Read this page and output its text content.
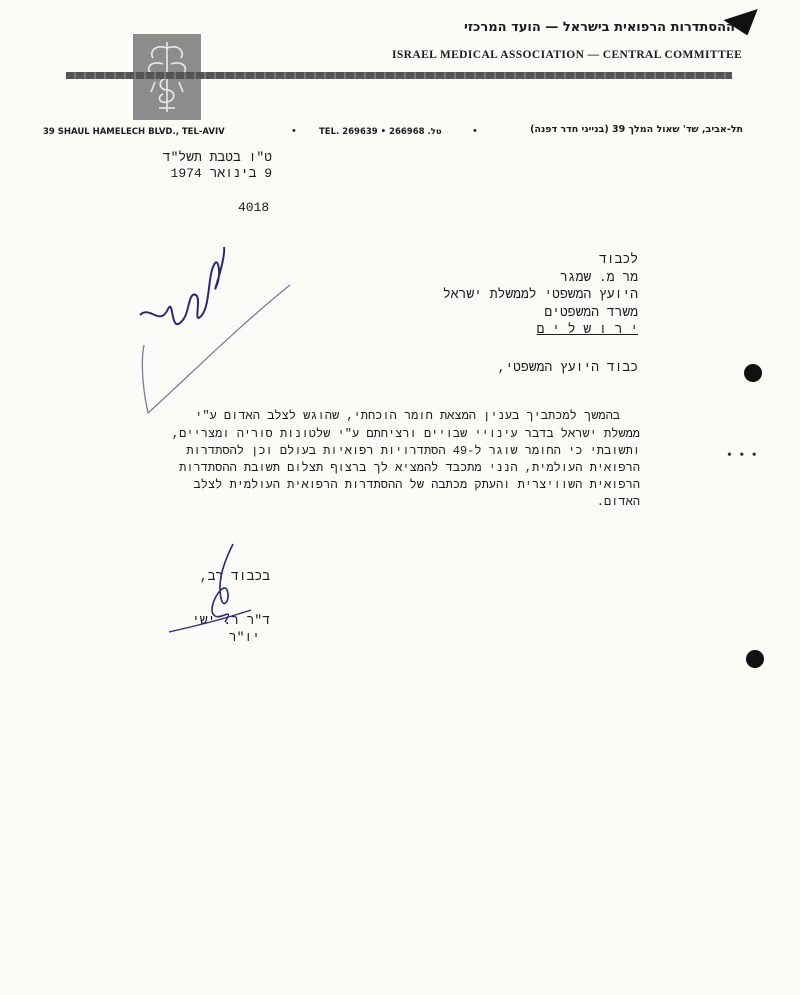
ההסתדרות הרפואית בישראל — הועד המרכזי
ISRAEL MEDICAL ASSOCIATION — CENTRAL COMMITTEE
39 SHAUL HAMELECH BLVD., TEL-AVIV	•	TEL. 269639 • 266968 .טל	•	תל-אביב, שד' שאול המלך 39 (בנייני חדר דפנה)
ט"ו בטבת תשל"ד
9 בינואר 1974
4018
לכבוד
מר מ. שמגר
היועץ המשפטי לממשלת ישראל
משרד המשפטים
י ר ו ש ל י ם
כבוד היועץ המשפטי,
בהמשך למכתביך בענין המצאת חומר הוכחתי, שהוגש לצלב האדום ע"י
ממשלת ישראל בדבר עינויי שבויים ורציחתם ע"י שלטונות סוריה ומצריים,
ותשובתי כי החומר שוגר ל-49 הסתדרויות רפואיות בעולם וכן להסתדרות
הרפואית העולמית, הנני מתכבד להמציא לך ברצוף תצלום תשובת ההסתדרות
הרפואית השוויצרית והעתק מכתבה של ההסתדרות הרפואית העולמית לצלב
האדום.
בכבוד רב,
ד"ר ר. ישי
יו"ר
• • •
